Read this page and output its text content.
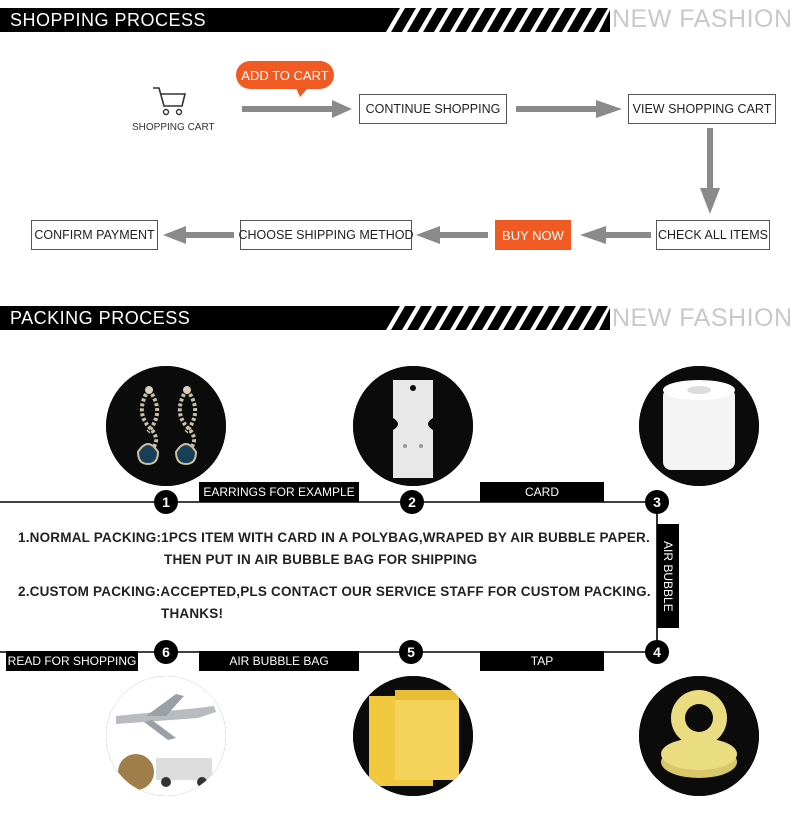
SHOPPING PROCESS	NEW FASHION
SHOPPING CART
ADD TO CART
CONTINUE SHOPPING	VIEW SHOPPING CART
CHECK ALL ITEMS
BUY NOW
CHOOSE SHIPPING METHOD
CONFIRM PAYMENT
PACKING PROCESS	NEW FASHION
1	2	3
4
5
6
EARRINGS FOR EXAMPLE	CARD
AIR BUBBLE
TAP
AIR BUBBLE BAG
READ FOR SHOPPING
1.NORMAL PACKING:1PCS ITEM WITH CARD IN A POLYBAG,WRAPED BY AIR BUBBLE PAPER.
THEN PUT IN AIR BUBBLE BAG FOR SHIPPING
2.CUSTOM PACKING:ACCEPTED,PLS CONTACT OUR SERVICE STAFF FOR CUSTOM PACKING.
THANKS!
